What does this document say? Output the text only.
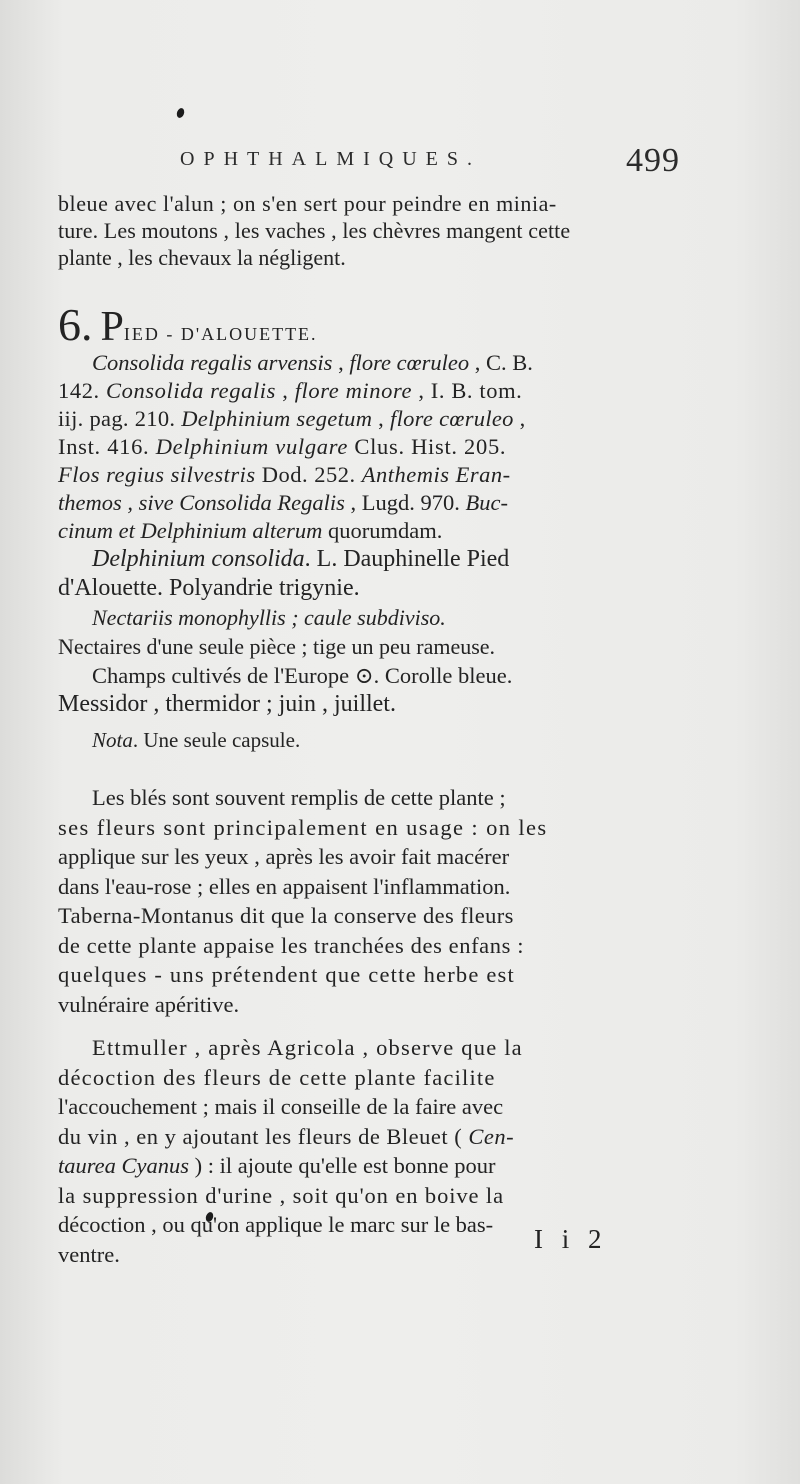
OPHTHALMIQUES.	499
bleue avec l'alun ; on s'en sert pour peindre en minia-
ture. Les moutons , les vaches , les chèvres mangent cette
plante , les chevaux la négligent.
6. PIED - D'ALOUETTE.
Consolida regalis arvensis , flore cœruleo , C. B.
142. Consolida regalis , flore minore , I. B. tom.
iij. pag. 210. Delphinium segetum , flore cœruleo ,
Inst. 416. Delphinium vulgare Clus. Hist. 205.
Flos regius silvestris Dod. 252. Anthemis Eran-
themos , sive Consolida Regalis , Lugd. 970. Buc-
cinum et Delphinium alterum quorumdam.
Delphinium consolida. L. Dauphinelle Pied
d'Alouette. Polyandrie trigynie.
Nectariis monophyllis ; caule subdiviso.
Nectaires d'une seule pièce ; tige un peu rameuse.
Champs cultivés de l'Europe ⊙. Corolle bleue.
Messidor , thermidor ; juin , juillet.
Nota. Une seule capsule.
Les blés sont souvent remplis de cette plante ;
ses fleurs sont principalement en usage : on les
applique sur les yeux , après les avoir fait macérer
dans l'eau-rose ; elles en appaisent l'inflammation.
Taberna-Montanus dit que la conserve des fleurs
de cette plante appaise les tranchées des enfans :
quelques - uns prétendent que cette herbe est
vulnéraire apéritive.
Ettmuller , après Agricola , observe que la
décoction des fleurs de cette plante facilite
l'accouchement ; mais il conseille de la faire avec
du vin , en y ajoutant les fleurs de Bleuet ( Cen-
taurea Cyanus ) : il ajoute qu'elle est bonne pour
la suppression d'urine , soit qu'on en boive la
décoction , ou qu'on applique le marc sur le bas-
ventre.	I i 2
